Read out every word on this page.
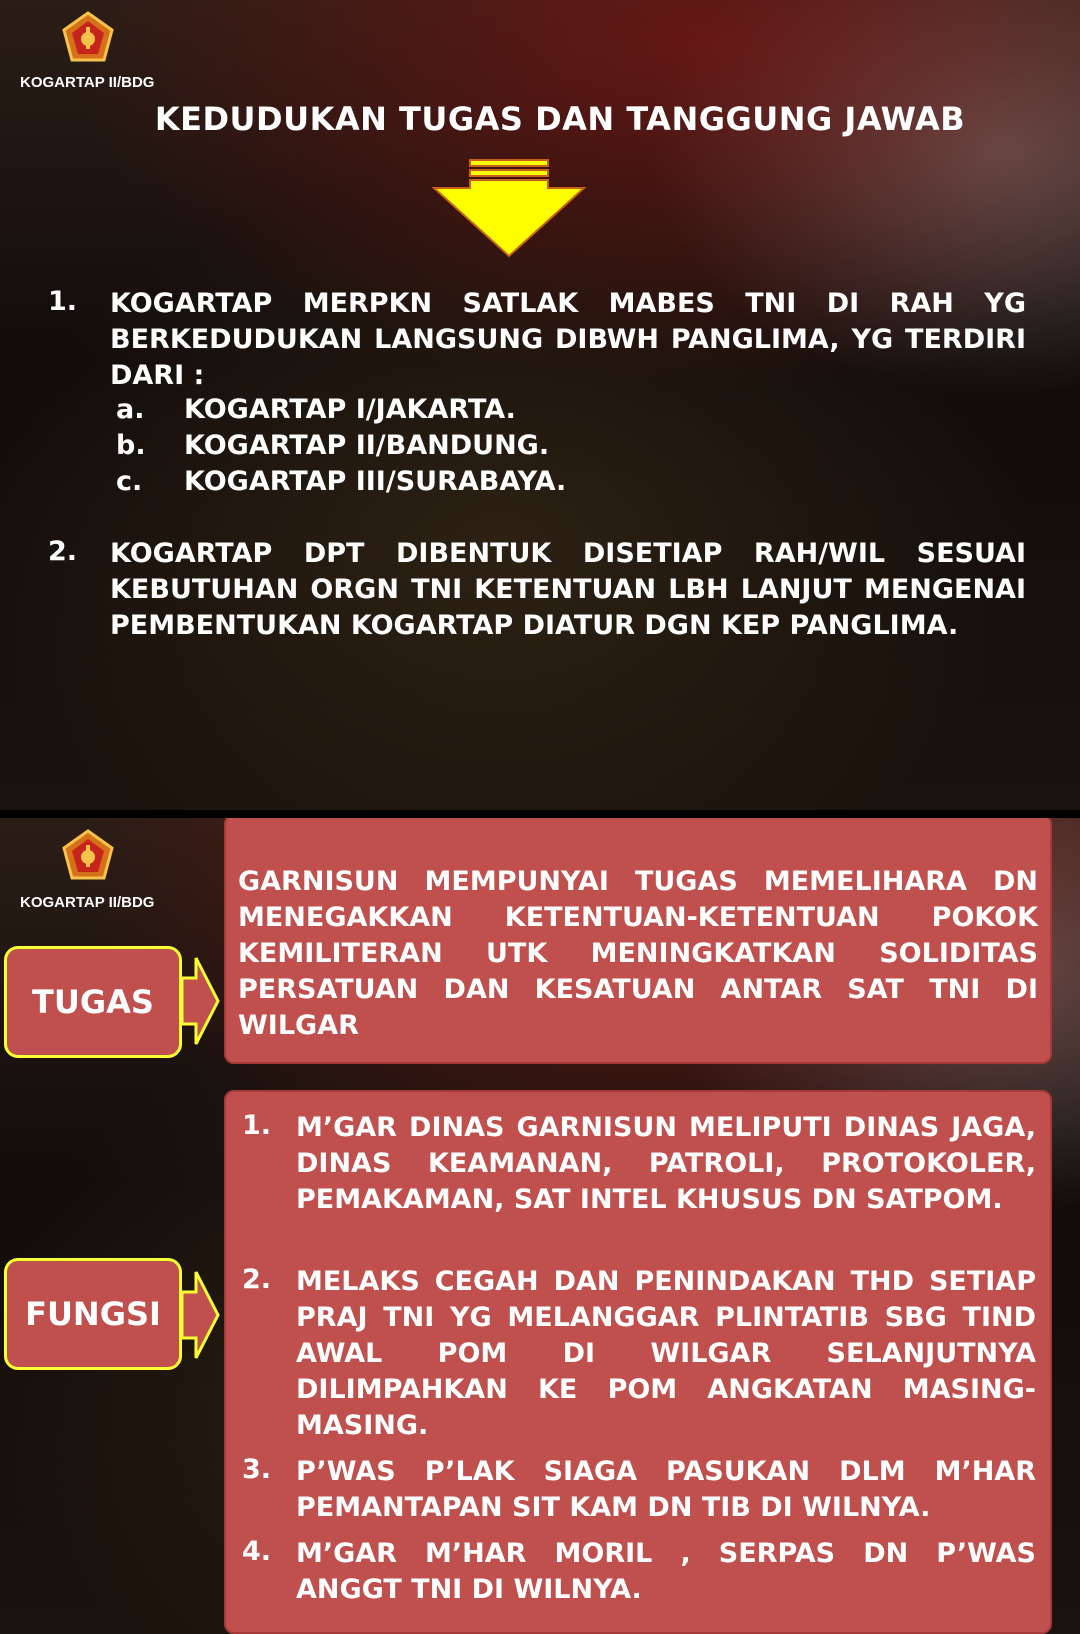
KOGARTAP II/BDG
KEDUDUKAN TUGAS DAN TANGGUNG JAWAB
1. KOGARTAP MERPKN SATLAK MABES TNI DI RAH YG BERKEDUDUKAN LANGSUNG DIBWH PANGLIMA, YG TERDIRI DARI :
a. KOGARTAP I/JAKARTA.
b. KOGARTAP II/BANDUNG.
c. KOGARTAP III/SURABAYA.
2. KOGARTAP DPT DIBENTUK DISETIAP RAH/WIL SESUAI KEBUTUHAN ORGN TNI KETENTUAN LBH LANJUT MENGENAI PEMBENTUKAN KOGARTAP DIATUR DGN KEP PANGLIMA.
KOGARTAP II/BDG
TUGAS
GARNISUN MEMPUNYAI TUGAS MEMELIHARA DN MENEGAKKAN KETENTUAN-KETENTUAN POKOK KEMILITERAN UTK MENINGKATKAN SOLIDITAS PERSATUAN DAN KESATUAN ANTAR SAT TNI DI WILGAR
FUNGSI
1. M’GAR DINAS GARNISUN MELIPUTI DINAS JAGA, DINAS KEAMANAN, PATROLI, PROTOKOLER, PEMAKAMAN, SAT INTEL KHUSUS DN SATPOM.
2. MELAKS CEGAH DAN PENINDAKAN THD SETIAP PRAJ TNI YG MELANGGAR PLINTATIB SBG TIND AWAL POM DI WILGAR SELANJUTNYA DILIMPAHKAN KE POM ANGKATAN MASING-MASING.
3. P’WAS P’LAK SIAGA PASUKAN DLM M’HAR PEMANTAPAN SIT KAM DN TIB DI WILNYA.
4. M’GAR M’HAR MORIL , SERPAS DN P’WAS ANGGT TNI DI WILNYA.
